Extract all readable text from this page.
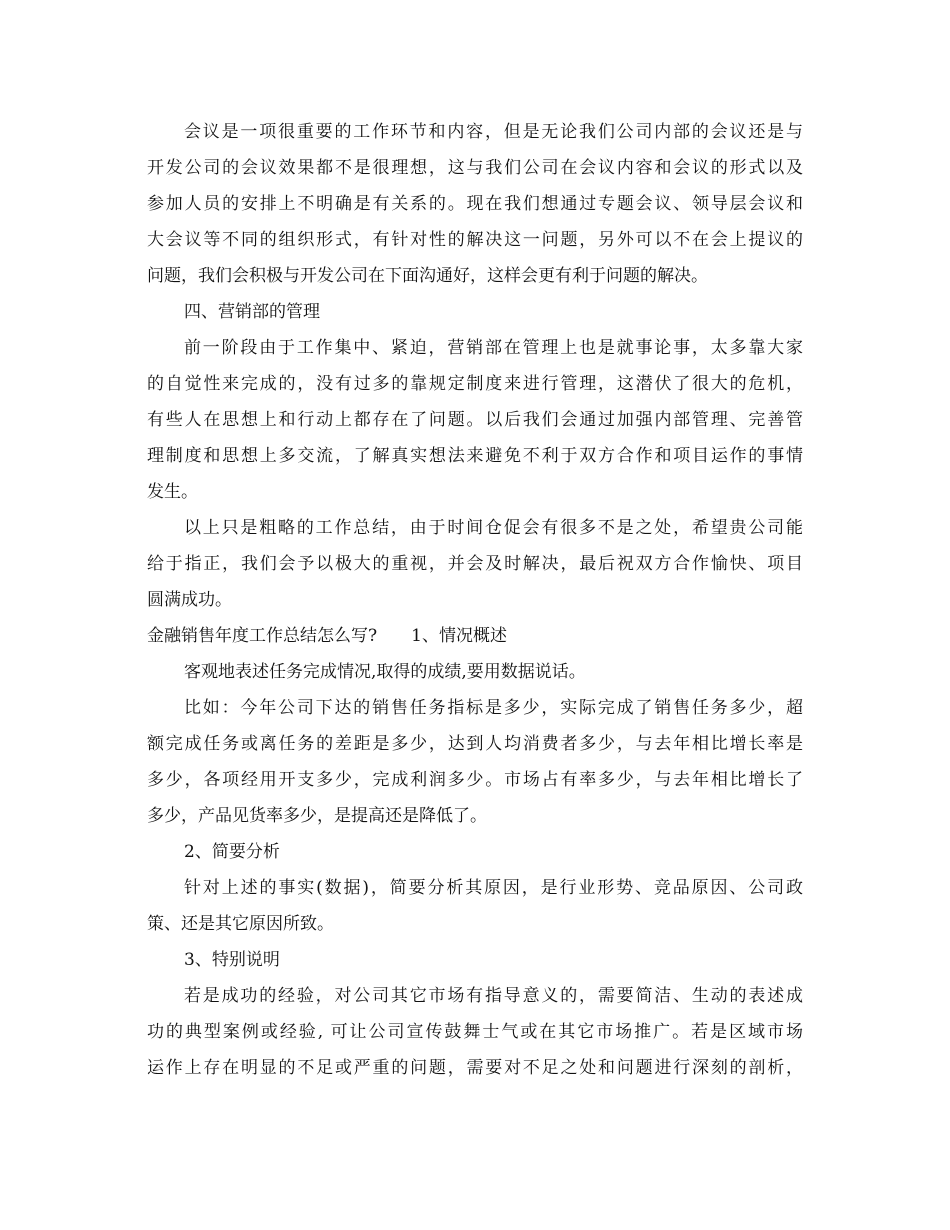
会议是一项很重要的工作环节和内容，但是无论我们公司内部的会议还是与
开发公司的会议效果都不是很理想，这与我们公司在会议内容和会议的形式以及
参加人员的安排上不明确是有关系的。现在我们想通过专题会议、领导层会议和
大会议等不同的组织形式，有针对性的解决这一问题，另外可以不在会上提议的
问题，我们会积极与开发公司在下面沟通好，这样会更有利于问题的解决。
四、营销部的管理
前一阶段由于工作集中、紧迫，营销部在管理上也是就事论事，太多靠大家
的自觉性来完成的，没有过多的靠规定制度来进行管理，这潜伏了很大的危机，
有些人在思想上和行动上都存在了问题。以后我们会通过加强内部管理、完善管
理制度和思想上多交流，了解真实想法来避免不利于双方合作和项目运作的事情
发生。
以上只是粗略的工作总结，由于时间仓促会有很多不是之处，希望贵公司能
给于指正，我们会予以极大的重视，并会及时解决，最后祝双方合作愉快、项目
圆满成功。
金融销售年度工作总结怎么写? 1、情况概述
客观地表述任务完成情况,取得的成绩,要用数据说话。
比如：今年公司下达的销售任务指标是多少，实际完成了销售任务多少，超
额完成任务或离任务的差距是多少，达到人均消费者多少，与去年相比增长率是
多少，各项经用开支多少，完成利润多少。市场占有率多少，与去年相比增长了
多少，产品见货率多少，是提高还是降低了。
2、简要分析
针对上述的事实(数据)，简要分析其原因，是行业形势、竞品原因、公司政
策、还是其它原因所致。
3、特别说明
若是成功的经验，对公司其它市场有指导意义的，需要简洁、生动的表述成
功的典型案例或经验, 可让公司宣传鼓舞士气或在其它市场推广。若是区域市场
运作上存在明显的不足或严重的问题，需要对不足之处和问题进行深刻的剖析，
